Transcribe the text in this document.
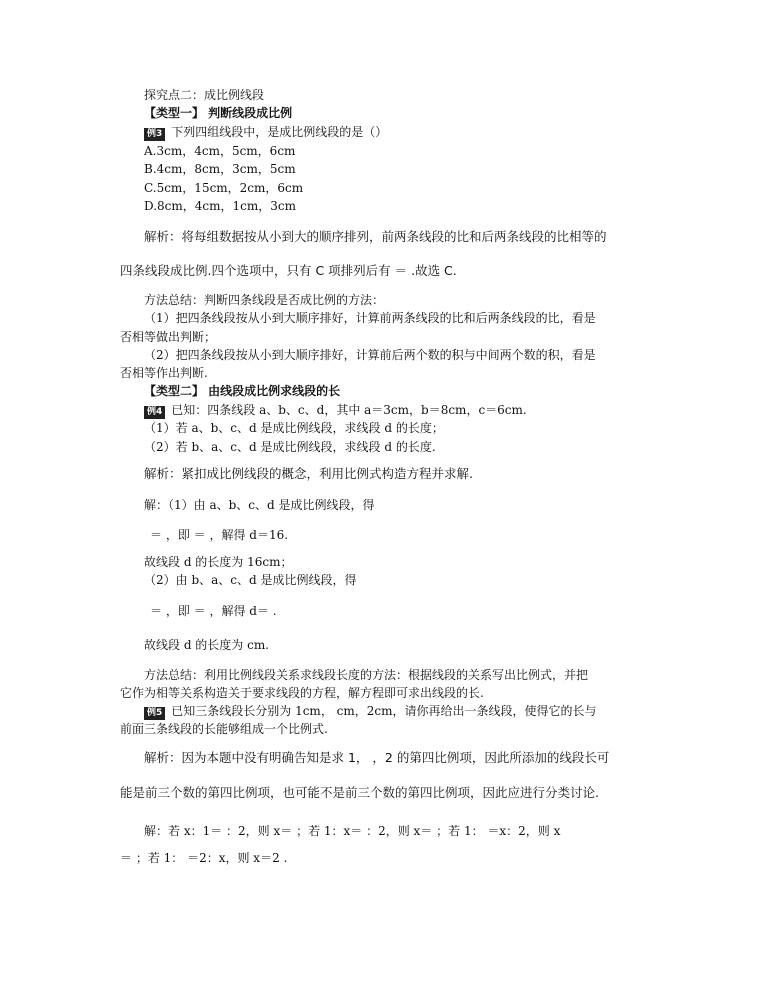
探究点二：成比例线段
【类型一】 判断线段成比例
例3 下列四组线段中，是成比例线段的是（）
A.3cm，4cm，5cm，6cm
B.4cm，8cm，3cm，5cm
C.5cm，15cm，2cm，6cm
D.8cm，4cm，1cm，3cm
解析：将每组数据按从小到大的顺序排列，前两条线段的比和后两条线段的比相等的
四条线段成比例.四个选项中，只有 C 项排列后有 ＝ .故选 C.
方法总结：判断四条线段是否成比例的方法：
（1）把四条线段按从小到大顺序排好，计算前两条线段的比和后两条线段的比，看是
否相等做出判断；
（2）把四条线段按从小到大顺序排好，计算前后两个数的积与中间两个数的积，看是
否相等作出判断.
【类型二】 由线段成比例求线段的长
例4 已知：四条线段 a、b、c、d，其中 a＝3cm，b＝8cm，c＝6cm.
（1）若 a、b、c、d 是成比例线段，求线段 d 的长度；
（2）若 b、a、c、d 是成比例线段，求线段 d 的长度.
解析：紧扣成比例线段的概念，利用比例式构造方程并求解.
解：（1）由 a、b、c、d 是成比例线段，得
＝ ，即 ＝ ，解得 d＝16.
故线段 d 的长度为 16cm；
（2）由 b、a、c、d 是成比例线段，得
＝ ，即 ＝ ，解得 d＝ .
故线段 d 的长度为 cm.
方法总结：利用比例线段关系求线段长度的方法：根据线段的关系写出比例式，并把
它作为相等关系构造关于要求线段的方程，解方程即可求出线段的长.
例5 已知三条线段长分别为 1cm， cm，2cm，请你再给出一条线段，使得它的长与
前面三条线段的长能够组成一个比例式.
解析：因为本题中没有明确告知是求 1， ，2 的第四比例项，因此所添加的线段长可
能是前三个数的第四比例项，也可能不是前三个数的第四比例项，因此应进行分类讨论.
解：若 x：1＝ ：2，则 x＝ ；若 1：x＝ ：2，则 x＝ ；若 1： ＝x：2，则 x
＝ ；若 1： ＝2：x，则 x＝2 .
